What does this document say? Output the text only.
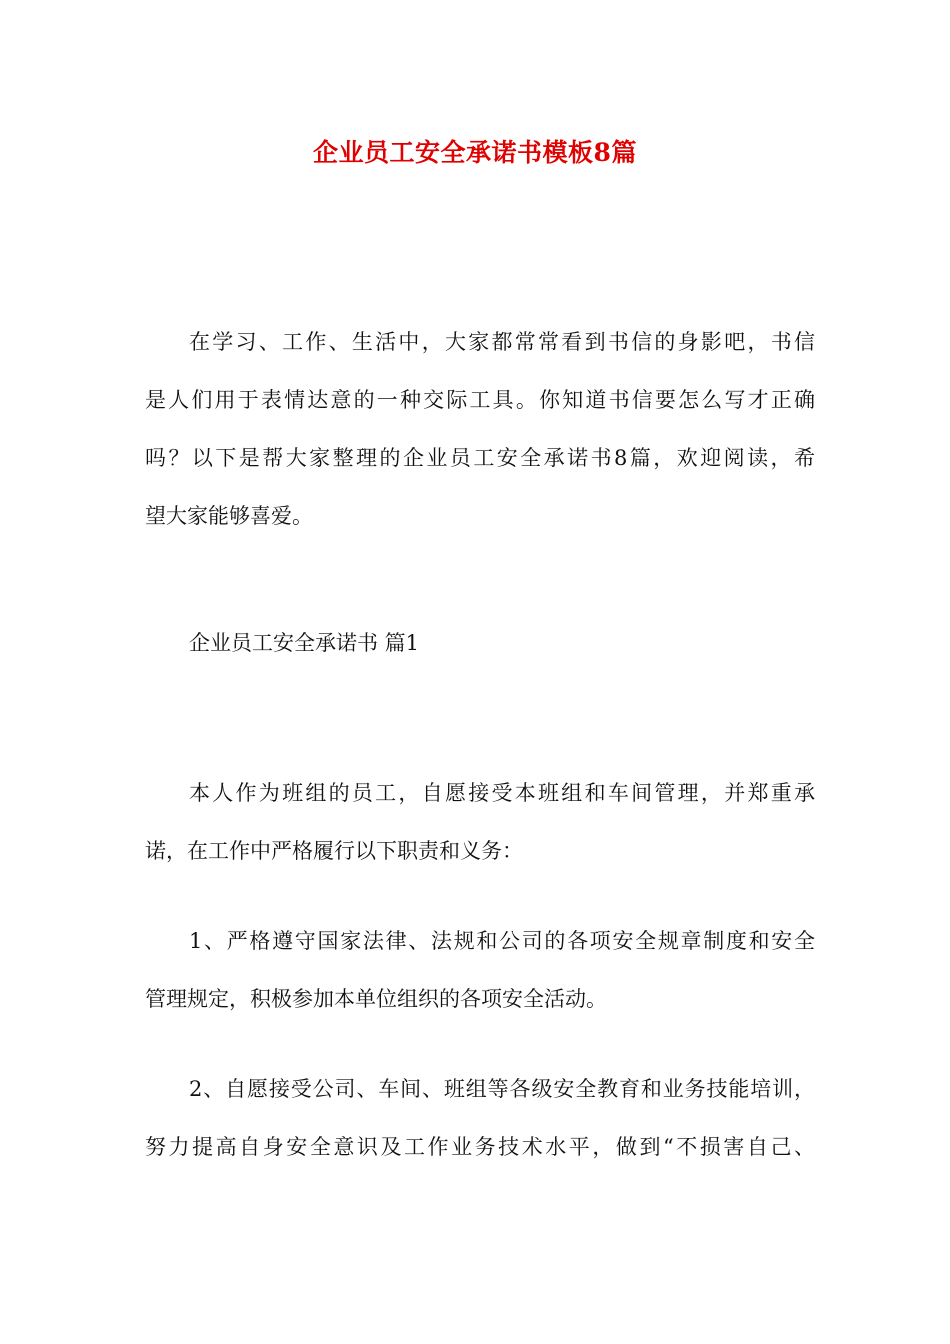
企业员工安全承诺书模板8篇
在学习、工作、生活中，大家都常常看到书信的身影吧，书信
是人们用于表情达意的一种交际工具。你知道书信要怎么写才正确
吗？以下是帮大家整理的企业员工安全承诺书8篇，欢迎阅读，希
望大家能够喜爱。
企业员工安全承诺书 篇1
本人作为班组的员工，自愿接受本班组和车间管理，并郑重承
诺，在工作中严格履行以下职责和义务：
1、严格遵守国家法律、法规和公司的各项安全规章制度和安全
管理规定，积极参加本单位组织的各项安全活动。
2、自愿接受公司、车间、班组等各级安全教育和业务技能培训，
努力提高自身安全意识及工作业务技术水平，做到“不损害自己、
